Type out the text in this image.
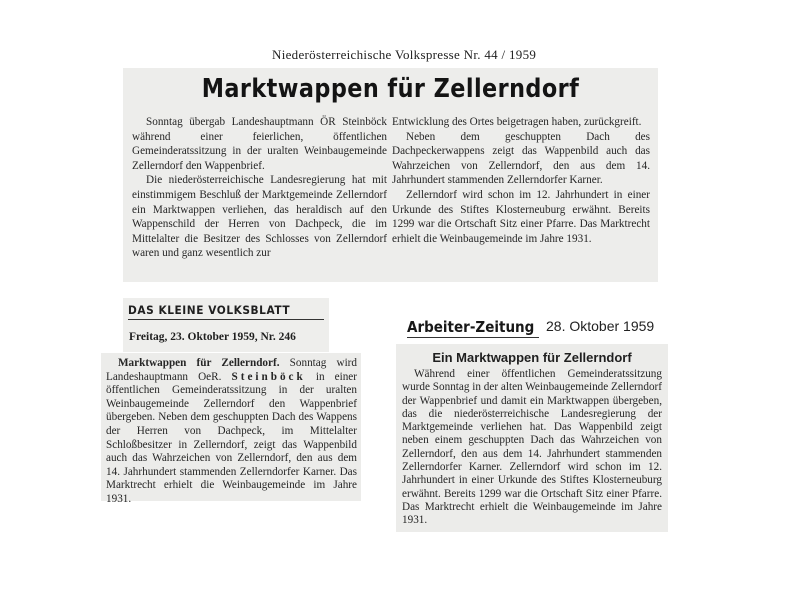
Niederösterreichische Volkspresse Nr. 44 / 1959
Marktwappen für Zellerndorf

Sonntag übergab Landeshauptmann ÖR Steinböck während einer feierlichen, öffentlichen Gemeinderatssitzung in der uralten Weinbaugemeinde Zellerndorf den Wappenbrief.

Die niederösterreichische Landesregierung hat mit einstimmigem Beschluß der Marktgemeinde Zellerndorf ein Marktwappen verliehen, das heraldisch auf den Wappenschild der Herren von Dachpeck, die im Mittelalter die Besitzer des Schlosses von Zellerndorf waren und ganz wesentlich zur

Entwicklung des Ortes beigetragen haben, zurückgreift.

Neben dem geschuppten Dach des Dachpeckerwappens zeigt das Wappenbild auch das Wahrzeichen von Zellerndorf, den aus dem 14. Jahrhundert stammenden Zellerndorfer Karner.

Zellerndorf wird schon im 12. Jahrhundert in einer Urkunde des Stiftes Klosterneuburg erwähnt. Bereits 1299 war die Ortschaft Sitz einer Pfarre. Das Marktrecht erhielt die Weinbaugemeinde im Jahre 1931.

DAS KLEINE VOLKSBLATT
Freitag, 23. Oktober 1959, Nr. 246

Marktwappen für Zellerndorf. Sonntag wird Landeshauptmann OeR. Steinböck in einer öffentlichen Gemeinderatssitzung in der uralten Weinbaugemeinde Zellerndorf den Wappenbrief übergeben. Neben dem geschuppten Dach des Wappens der Herren von Dachpeck, im Mittelalter Schloßbesitzer in Zellerndorf, zeigt das Wappenbild auch das Wahrzeichen von Zellerndorf, den aus dem 14. Jahrhundert stammenden Zellerndorfer Karner. Das Marktrecht erhielt die Weinbaugemeinde im Jahre 1931.

Arbeiter-Zeitung 28. Oktober 1959
Ein Marktwappen für Zellerndorf

Während einer öffentlichen Gemeinderatssitzung wurde Sonntag in der alten Weinbaugemeinde Zellerndorf der Wappenbrief und damit ein Marktwappen übergeben, das die niederösterreichische Landesregierung der Marktgemeinde verliehen hat. Das Wappenbild zeigt neben einem geschuppten Dach das Wahrzeichen von Zellerndorf, den aus dem 14. Jahrhundert stammenden Zellerndorfer Karner. Zellerndorf wird schon im 12. Jahrhundert in einer Urkunde des Stiftes Klosterneuburg erwähnt. Bereits 1299 war die Ortschaft Sitz einer Pfarre. Das Marktrecht erhielt die Weinbaugemeinde im Jahre 1931.
